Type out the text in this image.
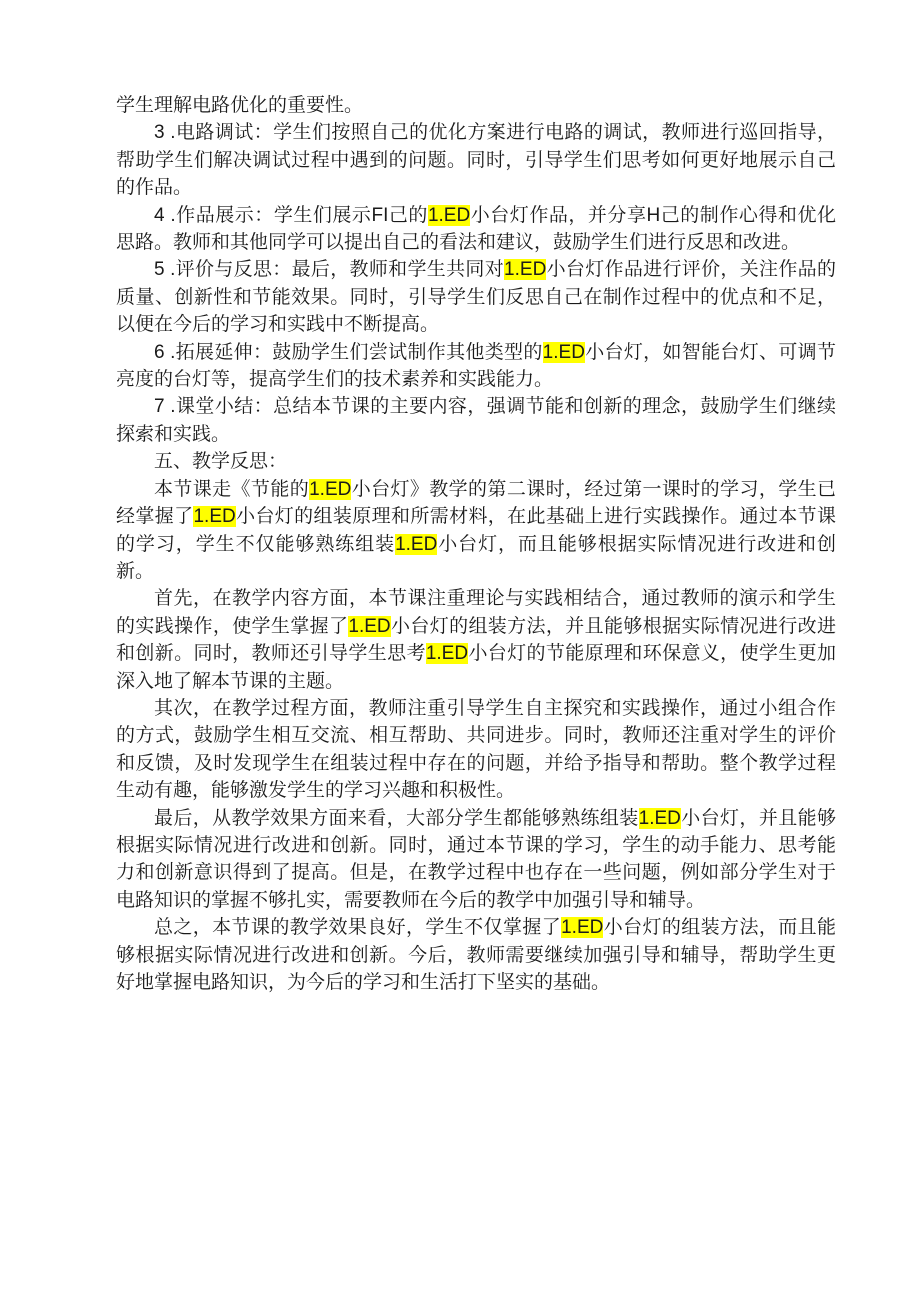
学生理解电路优化的重要性。

3 .电路调试：学生们按照自己的优化方案进行电路的调试，教师进行巡回指导，帮助学生们解决调试过程中遇到的问题。同时，引导学生们思考如何更好地展示自己的作品。

4 .作品展示：学生们展示FI己的1.ED小台灯作品，并分享H己的制作心得和优化思路。教师和其他同学可以提出自己的看法和建议，鼓励学生们进行反思和改进。

5 .评价与反思：最后，教师和学生共同对1.ED小台灯作品进行评价，关注作品的质量、创新性和节能效果。同时，引导学生们反思自己在制作过程中的优点和不足，以便在今后的学习和实践中不断提高。

6 .拓展延伸：鼓励学生们尝试制作其他类型的1.ED小台灯，如智能台灯、可调节亮度的台灯等，提高学生们的技术素养和实践能力。

7 .课堂小结：总结本节课的主要内容，强调节能和创新的理念，鼓励学生们继续探索和实践。

五、教学反思：

本节课走《节能的1.ED小台灯》教学的第二课时，经过第一课时的学习，学生已经掌握了1.ED小台灯的组装原理和所需材料，在此基础上进行实践操作。通过本节课的学习，学生不仅能够熟练组装1.ED小台灯，而且能够根据实际情况进行改进和创新。

首先，在教学内容方面，本节课注重理论与实践相结合，通过教师的演示和学生的实践操作，使学生掌握了1.ED小台灯的组装方法，并且能够根据实际情况进行改进和创新。同时，教师还引导学生思考1.ED小台灯的节能原理和环保意义，使学生更加深入地了解本节课的主题。

其次，在教学过程方面，教师注重引导学生自主探究和实践操作，通过小组合作的方式，鼓励学生相互交流、相互帮助、共同进步。同时，教师还注重对学生的评价和反馈，及时发现学生在组装过程中存在的问题，并给予指导和帮助。整个教学过程生动有趣，能够激发学生的学习兴趣和积极性。

最后，从教学效果方面来看，大部分学生都能够熟练组装1.ED小台灯，并且能够根据实际情况进行改进和创新。同时，通过本节课的学习，学生的动手能力、思考能力和创新意识得到了提高。但是，在教学过程中也存在一些问题，例如部分学生对于电路知识的掌握不够扎实，需要教师在今后的教学中加强引导和辅导。

总之，本节课的教学效果良好，学生不仅掌握了1.ED小台灯的组装方法，而且能够根据实际情况进行改进和创新。今后，教师需要继续加强引导和辅导，帮助学生更好地掌握电路知识，为今后的学习和生活打下坚实的基础。
